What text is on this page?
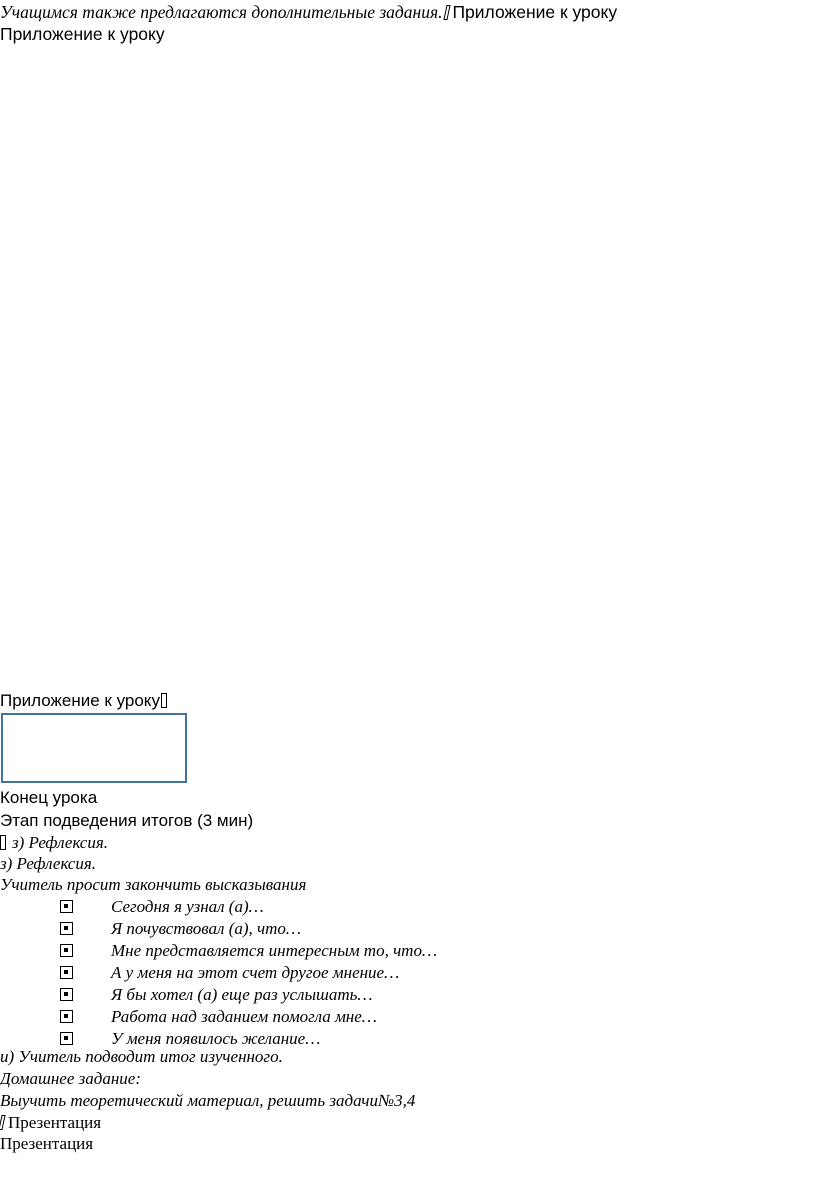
Учащимся также предлагаются дополнительные задания. Приложение к уроку
Приложение к уроку
Приложение к уроку
Конец урока
Этап подведения итогов (3 мин)
з) Рефлексия.
з) Рефлексия.
Учитель просит закончить высказывания
Сегодня я узнал (а)…
Я почувствовал (а), что…
Мне представляется интересным то, что…
А у меня на этот счет другое мнение…
Я бы хотел (а) еще раз услышать…
Работа над заданием помогла мне…
У меня появилось желание…
и) Учитель подводит итог изученного.
Домашнее задание:
Выучить теоретический материал, решить задачи№3,4
Презентация
Презентация
